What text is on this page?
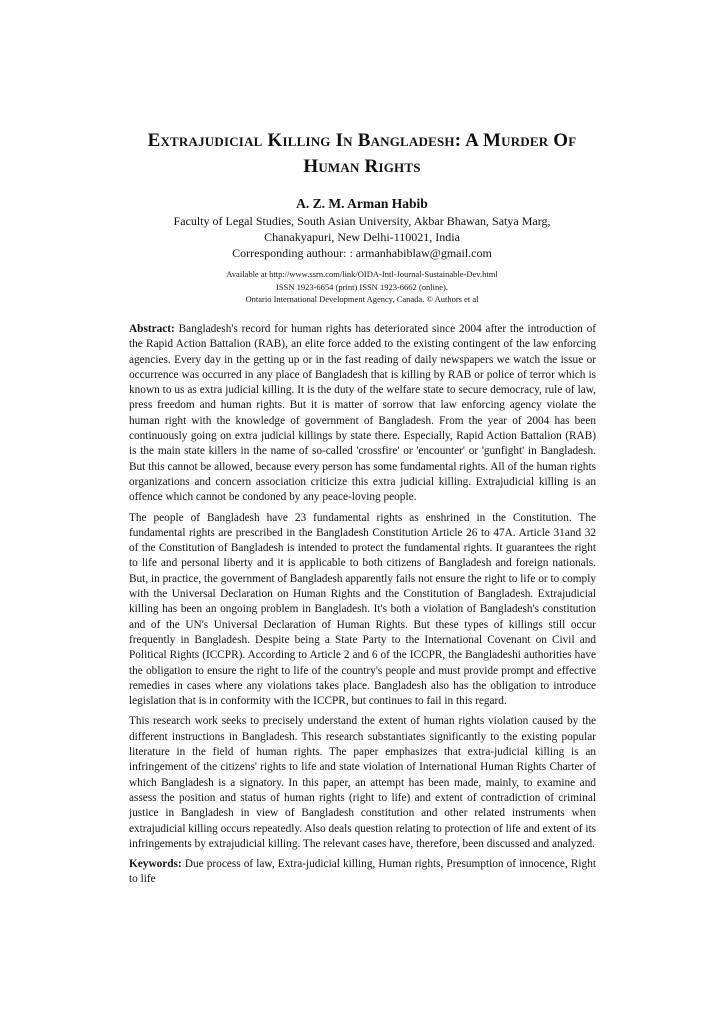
Extrajudicial Killing In Bangladesh: A Murder Of
Human Rights
A. Z. M. Arman Habib
Faculty of Legal Studies, South Asian University, Akbar Bhawan, Satya Marg,
Chanakyapuri, New Delhi-110021, India
Corresponding authour: : armanhabiblaw@gmail.com
Available at http://www.ssrn.com/link/OIDA-Intl-Journal-Sustainable-Dev.html
ISSN 1923-6654 (print) ISSN 1923-6662 (online).
Ontario International Development Agency, Canada. © Authors et al

Abstract: Bangladesh's record for human rights has deteriorated since 2004 after the introduction of the Rapid Action Battalion (RAB), an elite force added to the existing contingent of the law enforcing agencies. Every day in the getting up or in the fast reading of daily newspapers we watch the issue or occurrence was occurred in any place of Bangladesh that is killing by RAB or police of terror which is known to us as extra judicial killing. It is the duty of the welfare state to secure democracy, rule of law, press freedom and human rights. But it is matter of sorrow that law enforcing agency violate the human right with the knowledge of government of Bangladesh. From the year of 2004 has been continuously going on extra judicial killings by state there. Especially, Rapid Action Battalion (RAB) is the main state killers in the name of so-called 'crossfire' or 'encounter' or 'gunfight' in Bangladesh. But this cannot be allowed, because every person has some fundamental rights. All of the human rights organizations and concern association criticize this extra judicial killing. Extrajudicial killing is an offence which cannot be condoned by any peace-loving people.

The people of Bangladesh have 23 fundamental rights as enshrined in the Constitution. The fundamental rights are prescribed in the Bangladesh Constitution Article 26 to 47A. Article 31and 32 of the Constitution of Bangladesh is intended to protect the fundamental rights. It guarantees the right to life and personal liberty and it is applicable to both citizens of Bangladesh and foreign nationals. But, in practice, the government of Bangladesh apparently fails not ensure the right to life or to comply with the Universal Declaration on Human Rights and the Constitution of Bangladesh. Extrajudicial killing has been an ongoing problem in Bangladesh. It's both a violation of Bangladesh's constitution and of the UN's Universal Declaration of Human Rights. But these types of killings still occur frequently in Bangladesh. Despite being a State Party to the International Covenant on Civil and Political Rights (ICCPR). According to Article 2 and 6 of the ICCPR, the Bangladeshi authorities have the obligation to ensure the right to life of the country's people and must provide prompt and effective remedies in cases where any violations takes place. Bangladesh also has the obligation to introduce legislation that is in conformity with the ICCPR, but continues to fail in this regard.

This research work seeks to precisely understand the extent of human rights violation caused by the different instructions in Bangladesh. This research substantiates significantly to the existing popular literature in the field of human rights. The paper emphasizes that extra-judicial killing is an infringement of the citizens' rights to life and state violation of International Human Rights Charter of which Bangladesh is a signatory. In this paper, an attempt has been made, mainly, to examine and assess the position and status of human rights (right to life) and extent of contradiction of criminal justice in Bangladesh in view of Bangladesh constitution and other related instruments when extrajudicial killing occurs repeatedly. Also deals question relating to protection of life and extent of its infringements by extrajudicial killing. The relevant cases have, therefore, been discussed and analyzed.

Keywords: Due process of law, Extra-judicial killing, Human rights, Presumption of innocence, Right to life
